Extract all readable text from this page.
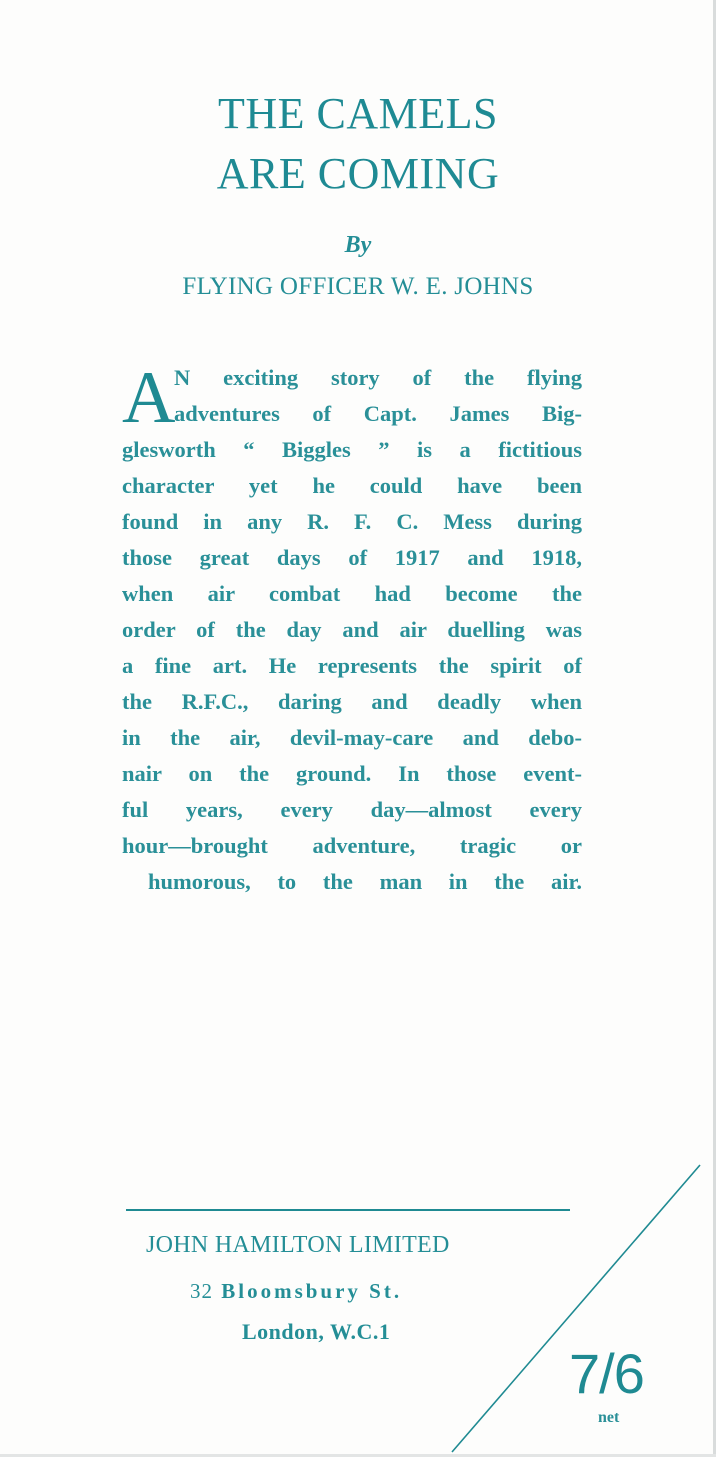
THE CAMELS
ARE COMING
By
FLYING OFFICER W. E. JOHNS
A
N exciting story of the flying
adventures of Capt. James Big-
glesworth “ Biggles ” is a fictitious
character yet he could have been
found in any R. F. C. Mess during
those great days of 1917 and 1918,
when air combat had become the
order of the day and air duelling was
a fine art. He represents the spirit of
the R.F.C., daring and deadly when
in the air, devil-may-care and debo-
nair on the ground. In those event-
ful years, every day—almost every
hour—brought adventure, tragic or
humorous, to the man in the air.
JOHN HAMILTON LIMITED
32 Bloomsbury St.
London, W.C.1
7/6
net
